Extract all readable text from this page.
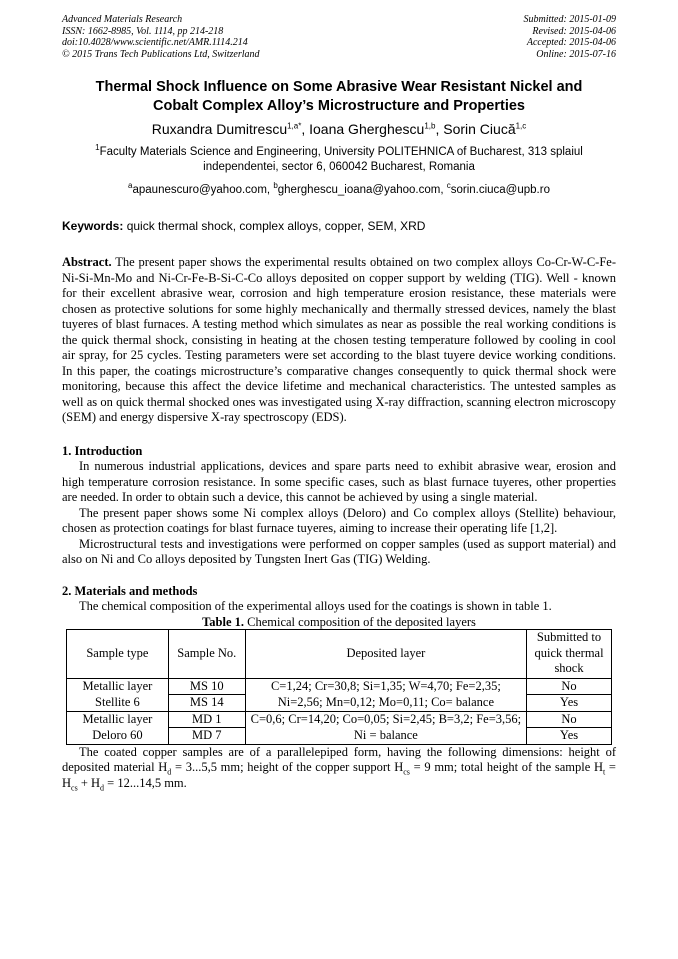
Advanced Materials Research
ISSN: 1662-8985, Vol. 1114, pp 214-218
doi:10.4028/www.scientific.net/AMR.1114.214
© 2015 Trans Tech Publications Ltd, Switzerland
Submitted: 2015-01-09
Revised: 2015-04-06
Accepted: 2015-04-06
Online: 2015-07-16
Thermal Shock Influence on Some Abrasive Wear Resistant Nickel and
Cobalt Complex Alloy’s Microstructure and Properties
Ruxandra Dumitrescu$^{1,a*}$, Ioana Gherghescu$^{1,b}$, Sorin Ciucă$^{1,c}$
$^1$Faculty Materials Science and Engineering, University POLITEHNICA of Bucharest, 313 splaiul
independentei, sector 6, 060042 Bucharest, Romania
$^a$apaunescuro@yahoo.com, $^b$gherghescu_ioana@yahoo.com, $^c$sorin.ciuca@upb.ro
Keywords: quick thermal shock, complex alloys, copper, SEM, XRD
Abstract. The present paper shows the experimental results obtained on two complex alloys Co-Cr-W-C-Fe-Ni-Si-Mn-Mo and Ni-Cr-Fe-B-Si-C-Co alloys deposited on copper support by welding (TIG). Well - known for their excellent abrasive wear, corrosion and high temperature erosion resistance, these materials were chosen as protective solutions for some highly mechanically and thermally stressed devices, namely the blast tuyeres of blast furnaces. A testing method which simulates as near as possible the real working conditions is the quick thermal shock, consisting in heating at the chosen testing temperature followed by cooling in cool air spray, for 25 cycles. Testing parameters were set according to the blast tuyere device working conditions. In this paper, the coatings microstructure’s comparative changes consequently to quick thermal shock were monitoring, because this affect the device lifetime and mechanical characteristics. The untested samples as well as on quick thermal shocked ones was investigated using X-ray diffraction, scanning electron microscopy (SEM) and energy dispersive X-ray spectroscopy (EDS).
1. Introduction

In numerous industrial applications, devices and spare parts need to exhibit abrasive wear, erosion and high temperature corrosion resistance. In some specific cases, such as blast furnace tuyeres, other properties are needed. In order to obtain such a device, this cannot be achieved by using a single material.

The present paper shows some Ni complex alloys (Deloro) and Co complex alloys (Stellite) behaviour, chosen as protection coatings for blast furnace tuyeres, aiming to increase their operating life [1,2].

Microstructural tests and investigations were performed on copper samples (used as support material) and also on Ni and Co alloys deposited by Tungsten Inert Gas (TIG) Welding.

2. Materials and methods

The chemical composition of the experimental alloys used for the coatings is shown in table 1.

Table 1. Chemical composition of the deposited layers

Sample type	Sample No.	Deposited layer	Submitted to quick thermal shock
Metallic layer Stellite 6	MS 10	C=1,24; Cr=30,8; Si=1,35; W=4,70; Fe=2,35; Ni=2,56; Mn=0,12; Mo=0,11; Co= balance	No
	MS 14		Yes
Metallic layer Deloro 60	MD 1	C=0,6; Cr=14,20; Co=0,05; Si=2,45; B=3,2; Fe=3,56; Ni = balance	No
	MD 7		Yes

The coated copper samples are of a parallelepiped form, having the following dimensions: height of deposited material $H_d = 3...5,5$ mm; height of the copper support $H_{cs} = 9$ mm; total height of the sample $H_t = H_{cs} + H_d = 12...14,5$ mm.
